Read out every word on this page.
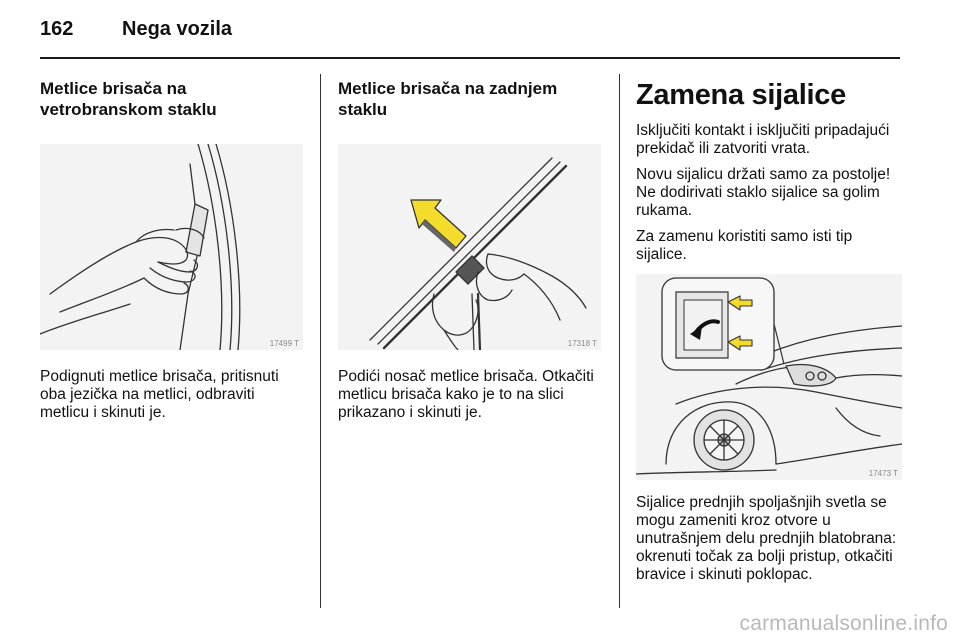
162	Nega vozila
Metlice brisača na vetrobranskom staklu
17499 T

Podignuti metlice brisača, pritisnuti oba jezička na metlici, odbraviti metlicu i skinuti je.

Metlice brisača na zadnjem staklu
17318 T

Podići nosač metlice brisača. Otkačiti metlicu brisača kako je to na slici prikazano i skinuti je.

Zamena sijalice

Isključiti kontakt i isključiti pripadajući prekidač ili zatvoriti vrata.

Novu sijalicu držati samo za postolje! Ne dodirivati staklo sijalice sa golim rukama.

Za zamenu koristiti samo isti tip sijalice.

17473 T

Sijalice prednjih spoljašnjih svetla se mogu zameniti kroz otvore u unutrašnjem delu prednjih blatobrana: okrenuti točak za bolji pristup, otkačiti bravice i skinuti poklopac.

carmanualsonline.info
